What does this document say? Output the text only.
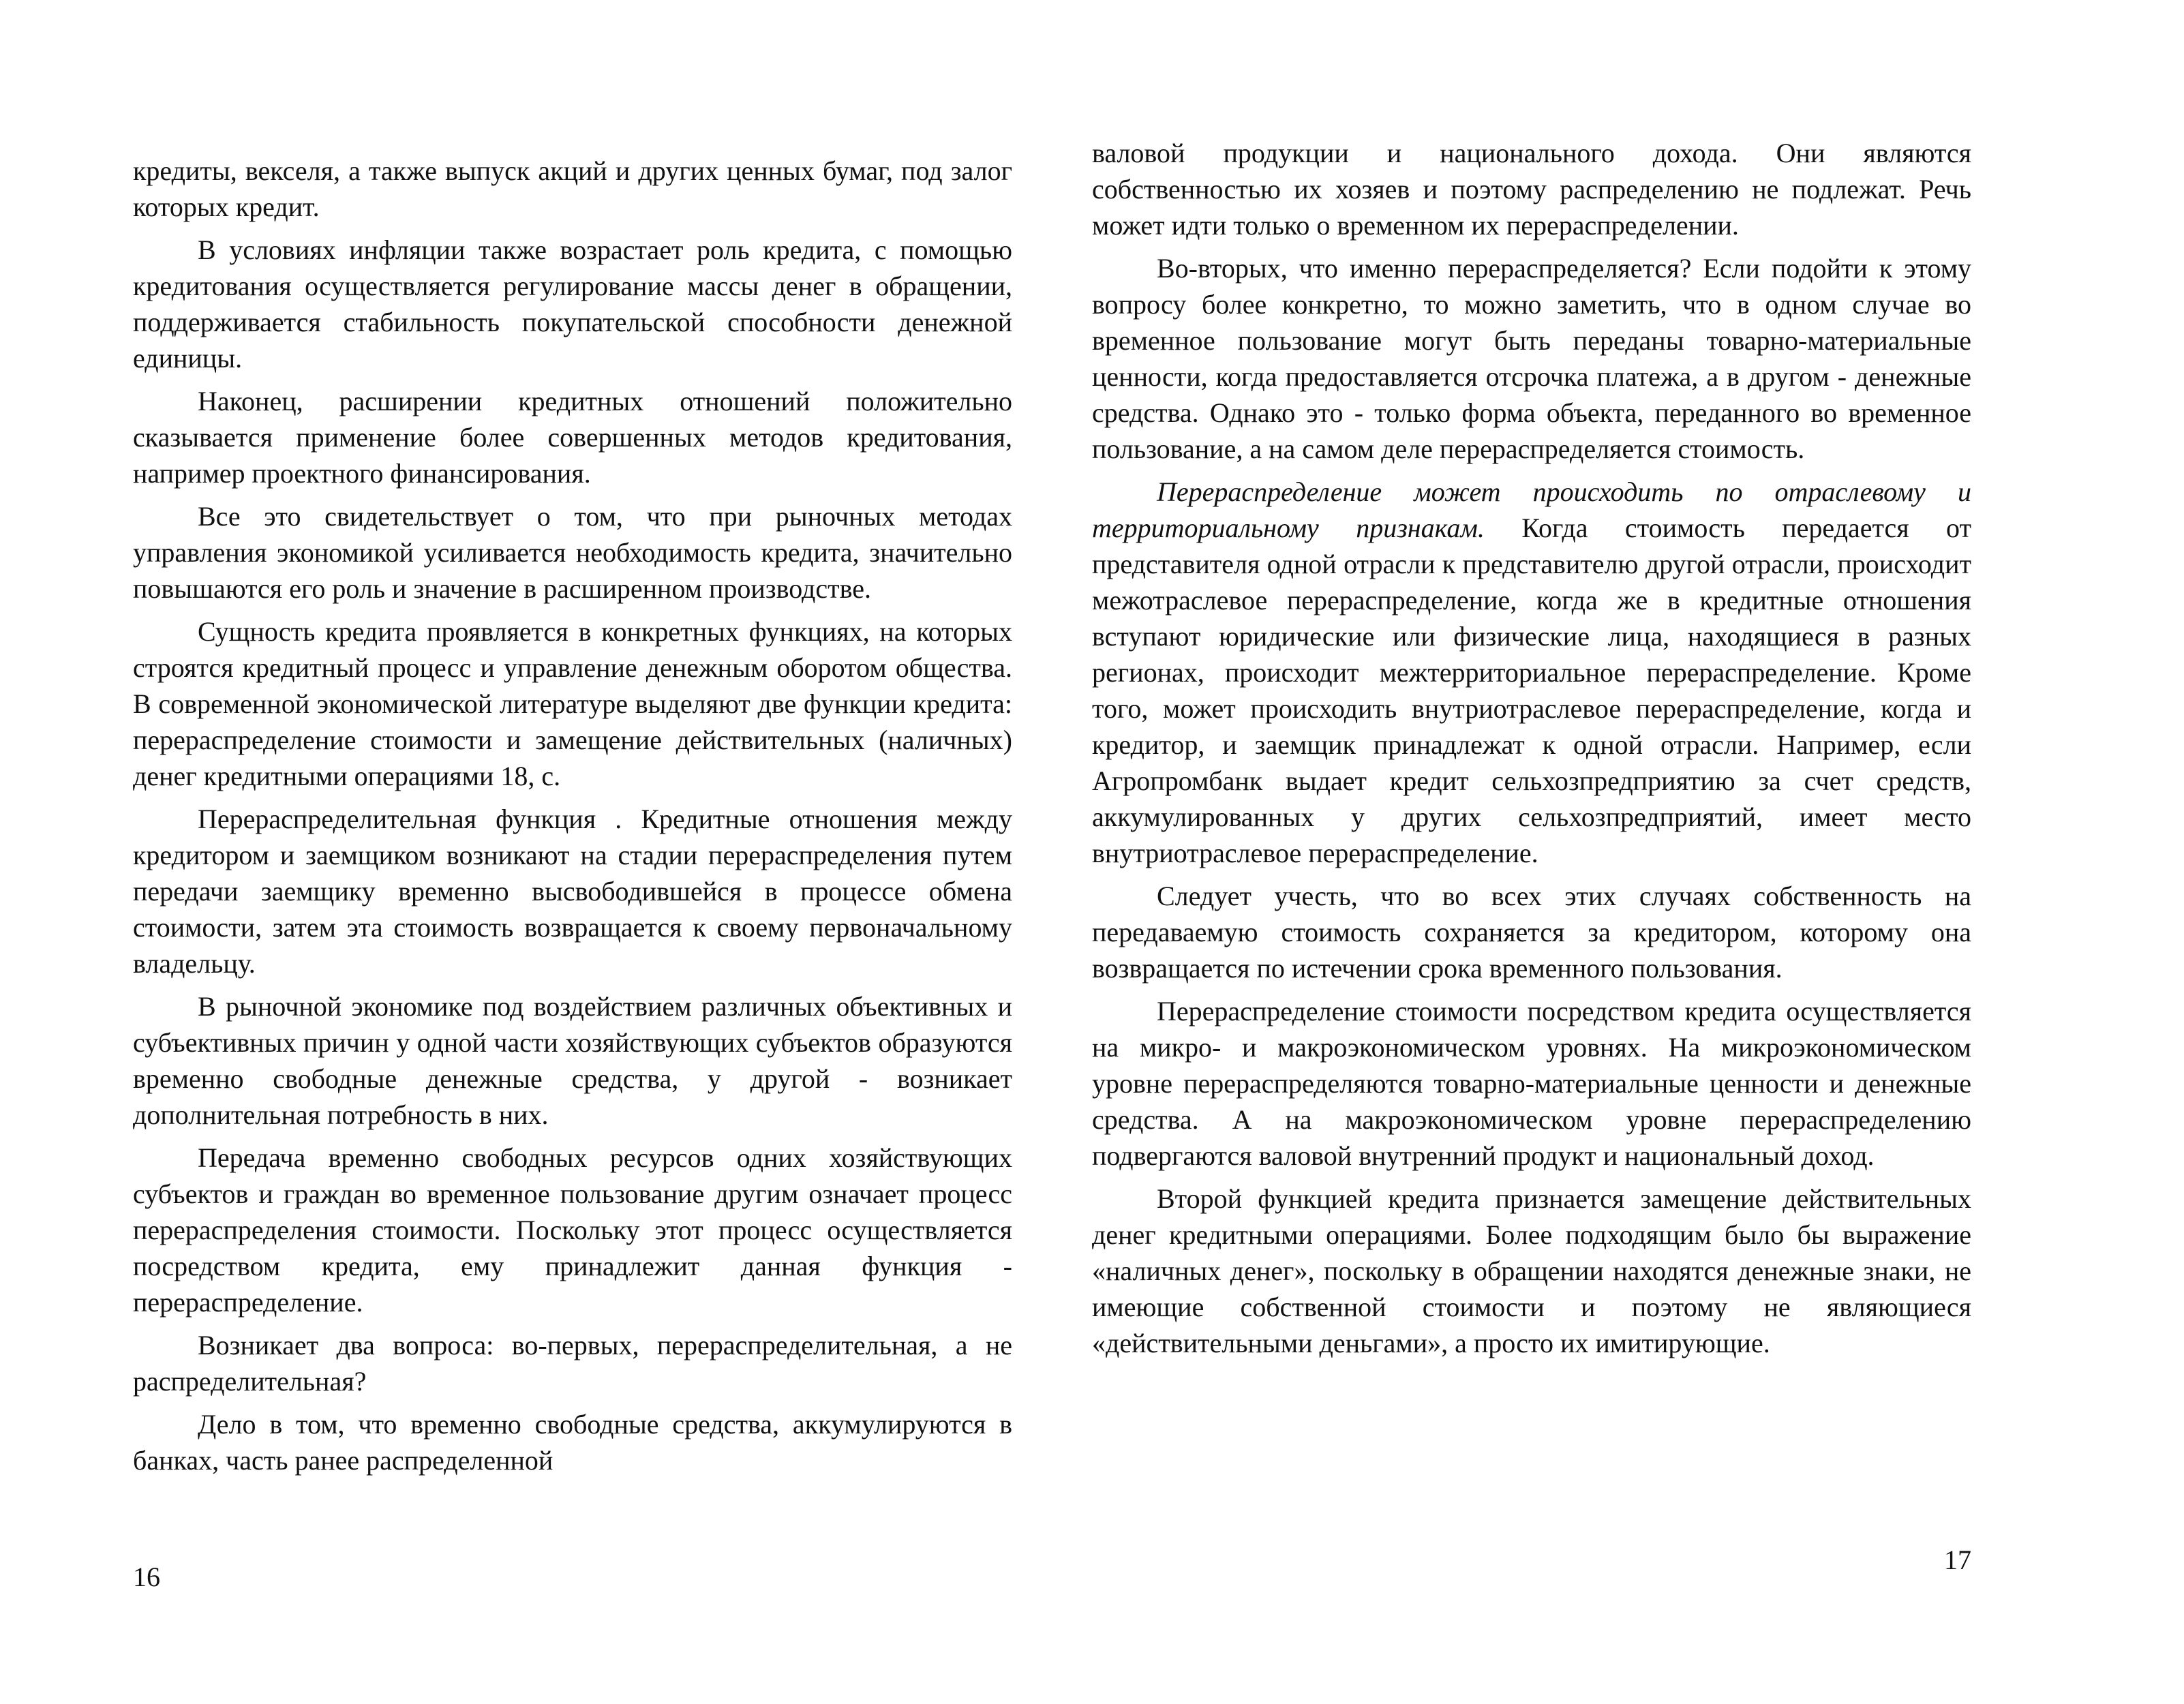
кредиты, векселя, а также выпуск акций и других ценных бумаг, под залог которых кредит.

В условиях инфляции также возрастает роль кредита, с помощью кредитования осуществляется регулирование массы денег в обращении, поддерживается стабильность покупательской способности денежной единицы.

Наконец, расширении кредитных отношений положительно сказывается применение более совершенных методов кредитования, например проектного финансирования.

Все это свидетельствует о том, что при рыночных методах управления экономикой усиливается необходимость кредита, значительно повышаются его роль и значение в расширенном производстве.

Сущность кредита проявляется в конкретных функциях, на которых строятся кредитный процесс и управление денежным оборотом общества. В современной экономической литературе выделяют две функции кредита: перераспределение стоимости и замещение действительных (наличных) денег кредитными операциями 18, с.

Перераспределительная функция . Кредитные отношения между кредитором и заемщиком возникают на стадии перераспределения путем передачи заемщику временно высвободившейся в процессе обмена стоимости, затем эта стоимость возвращается к своему первоначальному владельцу.

В рыночной экономике под воздействием различных объективных и субъективных причин у одной части хозяйствующих субъектов образуются временно свободные денежные средства, у другой - возникает дополнительная потребность в них.

Передача временно свободных ресурсов одних хозяйствующих субъектов и граждан во временное пользование другим означает процесс перераспределения стоимости. Поскольку этот процесс осуществляется посредством кредита, ему принадлежит данная функция - перераспределение.

Возникает два вопроса: во-первых, перераспределительная, а не распределительная?

Дело в том, что временно свободные средства, аккумулируются в банках, часть ранее распределенной

16

валовой продукции и национального дохода. Они являются собственностью их хозяев и поэтому распределению не подлежат. Речь может идти только о временном их перераспределении.

Во-вторых, что именно перераспределяется? Если подойти к этому вопросу более конкретно, то можно заметить, что в одном случае во временное пользование могут быть переданы товарно-материальные ценности, когда предоставляется отсрочка платежа, а в другом - денежные средства. Однако это - только форма объекта, переданного во временное пользование, а на самом деле перераспределяется стоимость.

Перераспределение может происходить по отраслевому и территориальному признакам. Когда стоимость передается от представителя одной отрасли к представителю другой отрасли, происходит межотраслевое перераспределение, когда же в кредитные отношения вступают юридические или физические лица, находящиеся в разных регионах, происходит межтерриториальное перераспределение. Кроме того, может происходить внутриотраслевое перераспределение, когда и кредитор, и заемщик принадлежат к одной отрасли. Например, если Агропромбанк выдает кредит сельхозпредприятию за счет средств, аккумулированных у других сельхозпредприятий, имеет место внутриотраслевое перераспределение.

Следует учесть, что во всех этих случаях собственность на передаваемую стоимость сохраняется за кредитором, которому она возвращается по истечении срока временного пользования.

Перераспределение стоимости посредством кредита осуществляется на микро- и макроэкономическом уровнях. На микроэкономическом уровне перераспределяются товарно-материальные ценности и денежные средства. А на макроэкономическом уровне перераспределению подвергаются валовой внутренний продукт и национальный доход.

Второй функцией кредита признается замещение действительных денег кредитными операциями. Более подходящим было бы выражение «наличных денег», поскольку в обращении находятся денежные знаки, не имеющие собственной стоимости и поэтому не являющиеся «действительными деньгами», а просто их имитирующие.

17
